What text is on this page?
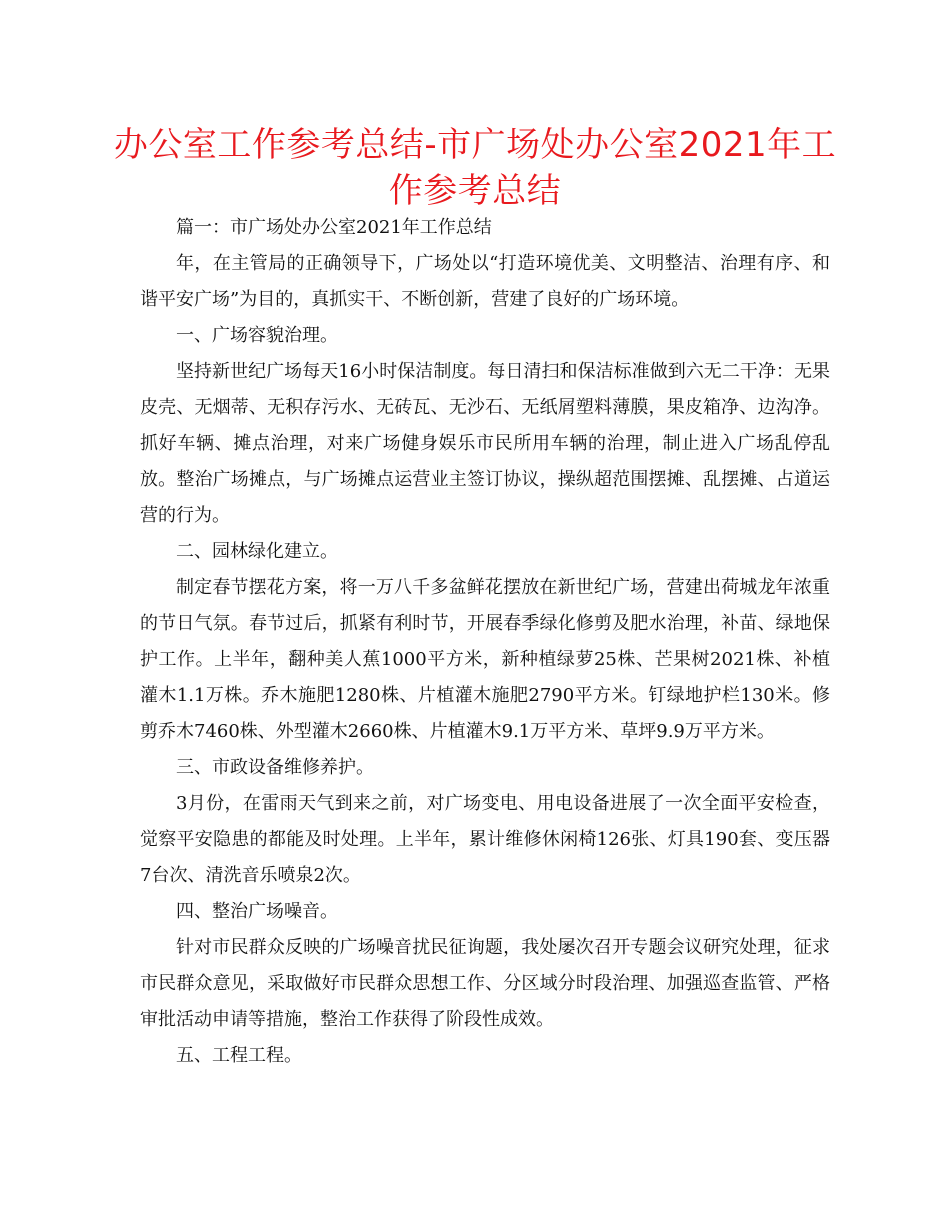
办公室工作参考总结-市广场处办公室2021年工作参考总结

篇一：市广场处办公室2021年工作总结

年，在主管局的正确领导下，广场处以“打造环境优美、文明整洁、治理有序、和谐平安广场”为目的，真抓实干、不断创新，营建了良好的广场环境。

一、广场容貌治理。

坚持新世纪广场每天16小时保洁制度。每日清扫和保洁标准做到六无二干净：无果皮壳、无烟蒂、无积存污水、无砖瓦、无沙石、无纸屑塑料薄膜，果皮箱净、边沟净。抓好车辆、摊点治理，对来广场健身娱乐市民所用车辆的治理，制止进入广场乱停乱放。整治广场摊点，与广场摊点运营业主签订协议，操纵超范围摆摊、乱摆摊、占道运营的行为。

二、园林绿化建立。

制定春节摆花方案，将一万八千多盆鲜花摆放在新世纪广场，营建出荷城龙年浓重的节日气氛。春节过后，抓紧有利时节，开展春季绿化修剪及肥水治理，补苗、绿地保护工作。上半年，翻种美人蕉1000平方米，新种植绿萝25株、芒果树2021株、补植灌木1.1万株。乔木施肥1280株、片植灌木施肥2790平方米。钉绿地护栏130米。修剪乔木7460株、外型灌木2660株、片植灌木9.1万平方米、草坪9.9万平方米。

三、市政设备维修养护。

3月份，在雷雨天气到来之前，对广场变电、用电设备进展了一次全面平安检查，觉察平安隐患的都能及时处理。上半年，累计维修休闲椅126张、灯具190套、变压器7台次、清洗音乐喷泉2次。

四、整治广场噪音。

针对市民群众反映的广场噪音扰民征询题，我处屡次召开专题会议研究处理，征求市民群众意见，采取做好市民群众思想工作、分区域分时段治理、加强巡查监管、严格审批活动申请等措施，整治工作获得了阶段性成效。

五、工程工程。
